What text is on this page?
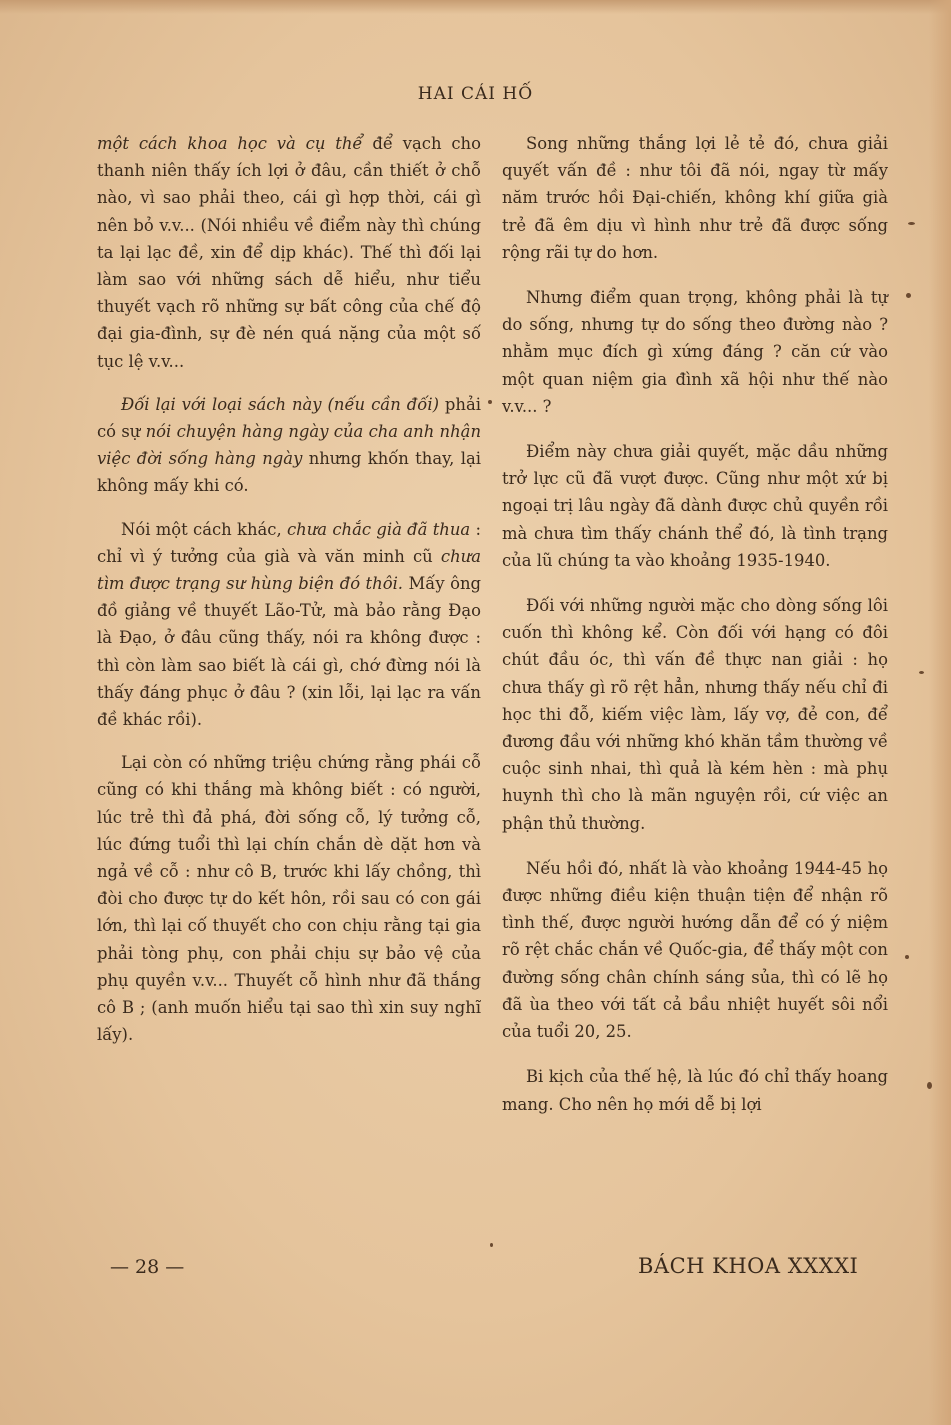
HAI CÁI HỐ

một cách khoa học và cụ thể để vạch cho thanh niên thấy ích lợi ở đâu, cần thiết ở chỗ nào, vì sao phải theo, cái gì hợp thời, cái gì nên bỏ v.v... (Nói nhiều về điểm này thì chúng ta lại lạc đề, xin để dịp khác). Thế thì đối lại làm sao với những sách dễ hiểu, như tiểu thuyết vạch rõ những sự bất công của chế độ đại gia-đình, sự đè nén quá nặng của một số tục lệ v.v...

Đối lại với loại sách này (nếu cần đối) phải có sự nói chuyện hàng ngày của cha anh nhận việc đời sống hàng ngày nhưng khốn thay, lại không mấy khi có.

Nói một cách khác, chưa chắc già đã thua : chỉ vì ý tưởng của già và văn minh cũ chưa tìm được trạng sư hùng biện đó thôi. Mấy ông đồ giảng về thuyết Lão-Tử, mà bảo rằng Đạo là Đạo, ở đâu cũng thấy, nói ra không được : thì còn làm sao biết là cái gì, chớ đừng nói là thấy đáng phục ở đâu ? (xin lỗi, lại lạc ra vấn đề khác rồi).

Lại còn có những triệu chứng rằng phái cỗ cũng có khi thắng mà không biết : có người, lúc trẻ thì đả phá, đời sống cỗ, lý tưởng cỗ, lúc đứng tuổi thì lại chín chắn dè dặt hơn và ngả về cỗ : như cô B, trước khi lấy chồng, thì đòi cho được tự do kết hôn, rồi sau có con gái lớn, thì lại cố thuyết cho con chịu rằng tại gia phải tòng phụ, con phải chịu sự bảo vệ của phụ quyền v.v... Thuyết cỗ hình như đã thắng cô B ; (anh muốn hiểu tại sao thì xin suy nghĩ lấy).

Song những thắng lợi lẻ tẻ đó, chưa giải quyết vấn đề : như tôi đã nói, ngay từ mấy năm trước hồi Đại-chiến, không khí giữa già trẻ đã êm dịu vì hình như trẻ đã được sống rộng rãi tự do hơn.

Nhưng điểm quan trọng, không phải là tự do sống, nhưng tự do sống theo đường nào ? nhằm mục đích gì xứng đáng ? căn cứ vào một quan niệm gia đình xã hội như thế nào v.v... ?

Điểm này chưa giải quyết, mặc dầu những trở lực cũ đã vượt được. Cũng như một xứ bị ngoại trị lâu ngày đã dành được chủ quyền rồi mà chưa tìm thấy chánh thể đó, là tình trạng của lũ chúng ta vào khoảng 1935-1940.

Đối với những người mặc cho dòng sống lôi cuốn thì không kể. Còn đối với hạng có đôi chút đầu óc, thì vấn đề thực nan giải : họ chưa thấy gì rõ rệt hẳn, nhưng thấy nếu chỉ đi học thi đỗ, kiếm việc làm, lấy vợ, đẻ con, để đương đầu với những khó khăn tầm thường về cuộc sinh nhai, thì quả là kém hèn : mà phụ huynh thì cho là mãn nguyện rồi, cứ việc an phận thủ thường.

Nếu hồi đó, nhất là vào khoảng 1944-45 họ được những điều kiện thuận tiện để nhận rõ tình thế, được người hướng dẫn để có ý niệm rõ rệt chắc chắn về Quốc-gia, để thấy một con đường sống chân chính sáng sủa, thì có lẽ họ đã ùa theo với tất cả bầu nhiệt huyết sôi nổi của tuổi 20, 25.

Bi kịch của thế hệ, là lúc đó chỉ thấy hoang mang. Cho nên họ mới dễ bị lợi

— 28 —	BÁCH KHOA XXXXI
